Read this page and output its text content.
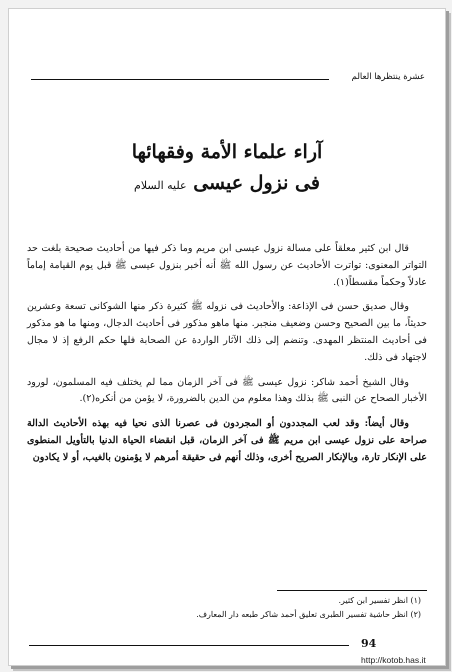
عشرة ينتظرها العالم
آراء علماء الأمة وفقهائها
فى نزول عيسى عليه السلام

قال ابن كثير معلقاً على مسالة نزول عيسى ابن مريم وما ذكر فيها من أحاديث صحيحة بلغت حد التواتر المعنوى: تواترت الأحاديث عن رسول الله ﷺ أنه أخبر بنزول عيسى ﷺ قبل يوم القيامة إماماً عادلاً وحكماً مقسطاً(١).

وقال صديق حسن فى الإذاعة: والأحاديث فى نزوله ﷺ كثيرة ذكر منها الشوكانى تسعة وعشرين حديثاً، ما بين الصحيح وحسن وضعيف منجبر. منها ماهو مذكور فى أحاديث الدجال، ومنها ما هو مذكور فى أحاديث المنتظر المهدى. وتنضم إلى ذلك الآثار الواردة عن الصحابة فلها حكم الرفع إذ لا مجال لاجتهاد فى ذلك.

وقال الشيخ أحمد شاكر: نزول عيسى ﷺ فى آخر الزمان مما لم يختلف فيه المسلمون، لورود الأخبار الصحاح عن النبى ﷺ بذلك وهذا معلوم من الدين بالضرورة، لا يؤمن من أنكره(٢).

وقال أيضاً: وقد لعب المجددون أو المجردون فى عصرنا الذى نحيا فيه بهذه الأحاديث الدالة صراحة على نزول عيسى ابن مريم ﷺ فى آخر الزمان، قبل انقضاء الحياة الدنيا بالتأويل المنطوى على الإنكار تارة، وبالإنكار الصريح أخرى، وذلك أنهم فى حقيقة أمرهم لا يؤمنون بالغيب، أو لا يكادون

(١) انظر تفسير ابن كثير.
(٢) انظر حاشية تفسير الطبرى تعليق أحمد شاكر طبعه دار المعارف.
94
http://kotob.has.it
